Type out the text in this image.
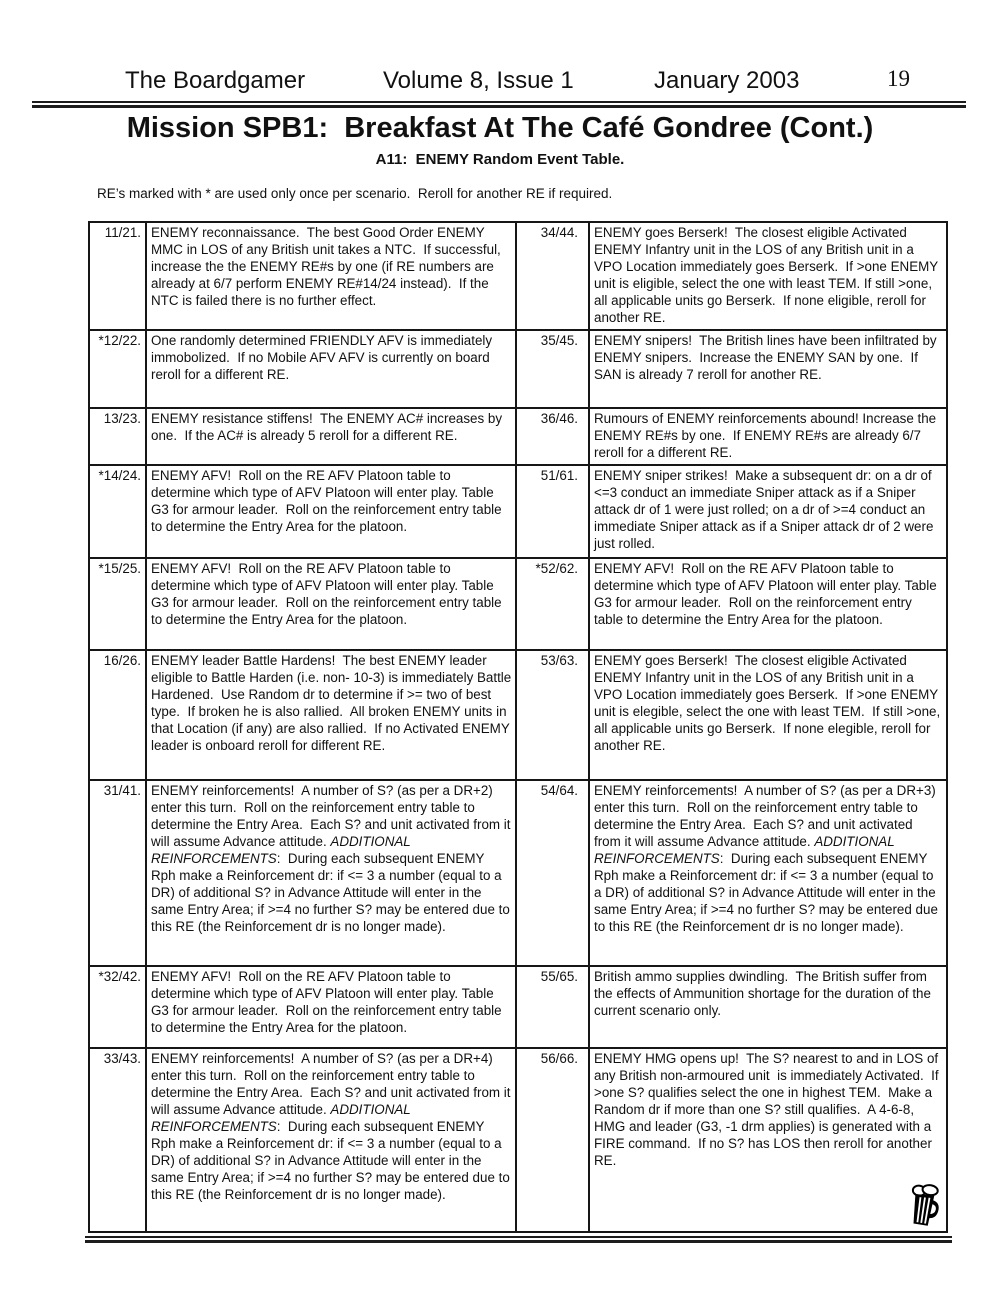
The Boardgamer	Volume 8, Issue 1	January 2003	19
Mission SPB1:  Breakfast At The Café Gondree (Cont.)
A11:  ENEMY Random Event Table.
RE’s marked with * are used only once per scenario.  Reroll for another RE if required.
11/21.	ENEMY reconnaissance.  The best Good Order ENEMY MMC in LOS of any British unit takes a NTC.  If successful, increase the the ENEMY RE#s by one (if RE numbers are already at 6/7 perform ENEMY RE#14/24 instead).  If the NTC is failed there is no further effect.	34/44.	ENEMY goes Berserk!  The closest eligible Activated ENEMY Infantry unit in the LOS of any British unit in a VPO Location immediately goes Berserk.  If >one ENEMY unit is eligible, select the one with least TEM. If still >one, all applicable units go Berserk.  If none eligible, reroll for another RE.
*12/22.	One randomly determined FRIENDLY AFV is immediately immobolized.  If no Mobile AFV AFV is currently on board reroll for a different RE.	35/45.	ENEMY snipers!  The British lines have been infiltrated by ENEMY snipers.  Increase the ENEMY SAN by one.  If SAN is already 7 reroll for another RE.
13/23.	ENEMY resistance stiffens!  The ENEMY AC# increases by one.  If the AC# is already 5 reroll for a different RE.	36/46.	Rumours of ENEMY reinforcements abound! Increase the ENEMY RE#s by one.  If ENEMY RE#s are already 6/7 reroll for a different RE.
*14/24.	ENEMY AFV!  Roll on the RE AFV Platoon table to determine which type of AFV Platoon will enter play. Table G3 for armour leader.  Roll on the reinforcement entry table to determine the Entry Area for the platoon.	51/61.	ENEMY sniper strikes!  Make a subsequent dr: on a dr of <=3 conduct an immediate Sniper attack as if a Sniper attack dr of 1 were just rolled; on a dr of >=4 conduct an immediate Sniper attack as if a Sniper attack dr of 2 were just rolled.
*15/25.	ENEMY AFV!  Roll on the RE AFV Platoon table to determine which type of AFV Platoon will enter play. Table G3 for armour leader.  Roll on the reinforcement entry table to determine the Entry Area for the platoon.	*52/62.	ENEMY AFV!  Roll on the RE AFV Platoon table to determine which type of AFV Platoon will enter play. Table G3 for armour leader.  Roll on the reinforcement entry table to determine the Entry Area for the platoon.
16/26.	ENEMY leader Battle Hardens!  The best ENEMY leader eligible to Battle Harden (i.e. non- 10-3) is immediately Battle Hardened.  Use Random dr to determine if >= two of best type.  If broken he is also rallied.  All broken ENEMY units in that Location (if any) are also rallied.  If no Activated ENEMY leader is onboard reroll for different RE.	53/63.	ENEMY goes Berserk!  The closest eligible Activated ENEMY Infantry unit in the LOS of any British unit in a VPO Location immediately goes Berserk.  If >one ENEMY unit is elegible, select the one with least TEM.  If still >one, all applicable units go Berserk.  If none elegible, reroll for another RE.
31/41.	ENEMY reinforcements!  A number of S? (as per a DR+2) enter this turn.  Roll on the reinforcement entry table to determine the Entry Area.  Each S? and unit activated from it will assume Advance attitude. ADDITIONAL REINFORCEMENTS:  During each subsequent ENEMY Rph make a Reinforcement dr: if <= 3 a number (equal to a DR) of additional S? in Advance Attitude will enter in the same Entry Area; if >=4 no further S? may be entered due to this RE (the Reinforcement dr is no longer made).	54/64.	ENEMY reinforcements!  A number of S? (as per a DR+3) enter this turn.  Roll on the reinforcement entry table to determine the Entry Area.  Each S? and unit activated from it will assume Advance attitude. ADDITIONAL REINFORCEMENTS:  During each subsequent ENEMY Rph make a Reinforcement dr: if <= 3 a number (equal to a DR) of additional S? in Advance Attitude will enter in the same Entry Area; if >=4 no further S? may be entered due to this RE (the Reinforcement dr is no longer made).
*32/42.	ENEMY AFV!  Roll on the RE AFV Platoon table to determine which type of AFV Platoon will enter play. Table G3 for armour leader.  Roll on the reinforcement entry table to determine the Entry Area for the platoon.	55/65.	British ammo supplies dwindling.  The British suffer from the effects of Ammunition shortage for the duration of the current scenario only.
33/43.	ENEMY reinforcements!  A number of S? (as per a DR+4) enter this turn.  Roll on the reinforcement entry table to determine the Entry Area.  Each S? and unit activated from it will assume Advance attitude. ADDITIONAL REINFORCEMENTS:  During each subsequent ENEMY Rph make a Reinforcement dr: if <= 3 a number (equal to a DR) of additional S? in Advance Attitude will enter in the same Entry Area; if >=4 no further S? may be entered due to this RE (the Reinforcement dr is no longer made).	56/66.	ENEMY HMG opens up!  The S? nearest to and in LOS of any British non-armoured unit  is immediately Activated.  If >one S? qualifies select the one in highest TEM.  Make a Random dr if more than one S? still qualifies.  A 4-6-8, HMG and leader (G3, -1 drm applies) is generated with a FIRE command.  If no S? has LOS then reroll for another RE.
